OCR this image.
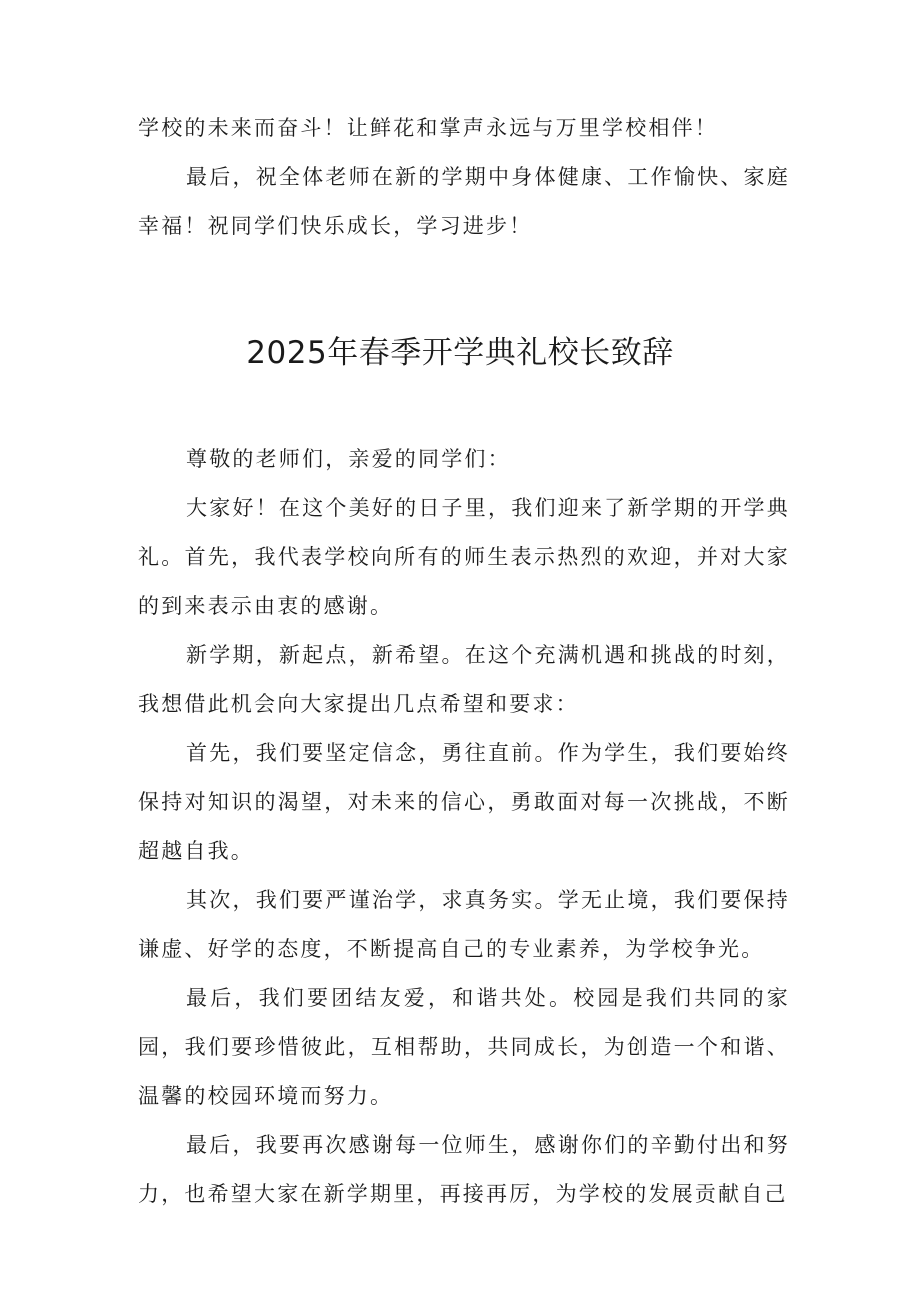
学校的未来而奋斗！让鲜花和掌声永远与万里学校相伴！

最后，祝全体老师在新的学期中身体健康、工作愉快、家庭幸福！祝同学们快乐成长，学习进步！

2025年春季开学典礼校长致辞

尊敬的老师们，亲爱的同学们：

大家好！在这个美好的日子里，我们迎来了新学期的开学典礼。首先，我代表学校向所有的师生表示热烈的欢迎，并对大家的到来表示由衷的感谢。

新学期，新起点，新希望。在这个充满机遇和挑战的时刻，我想借此机会向大家提出几点希望和要求：

首先，我们要坚定信念，勇往直前。作为学生，我们要始终保持对知识的渴望，对未来的信心，勇敢面对每一次挑战，不断超越自我。

其次，我们要严谨治学，求真务实。学无止境，我们要保持谦虚、好学的态度，不断提高自己的专业素养，为学校争光。

最后，我们要团结友爱，和谐共处。校园是我们共同的家园，我们要珍惜彼此，互相帮助，共同成长，为创造一个和谐、温馨的校园环境而努力。

最后，我要再次感谢每一位师生，感谢你们的辛勤付出和努力，也希望大家在新学期里，再接再厉，为学校的发展贡献自己
